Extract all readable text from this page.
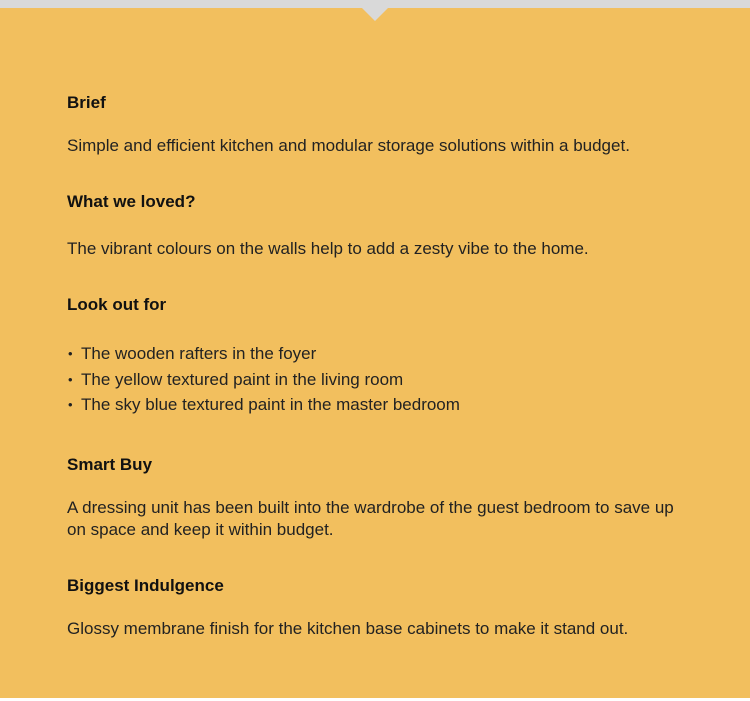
Brief

Simple and efficient kitchen and modular storage solutions within a budget.

What we loved?

The vibrant colours on the walls help to add a zesty vibe to the home.

Look out for

• The wooden rafters in the foyer
• The yellow textured paint in the living room
• The sky blue textured paint in the master bedroom

Smart Buy

A dressing unit has been built into the wardrobe of the guest bedroom to save up on space and keep it within budget.

Biggest Indulgence

Glossy membrane finish for the kitchen base cabinets to make it stand out.
